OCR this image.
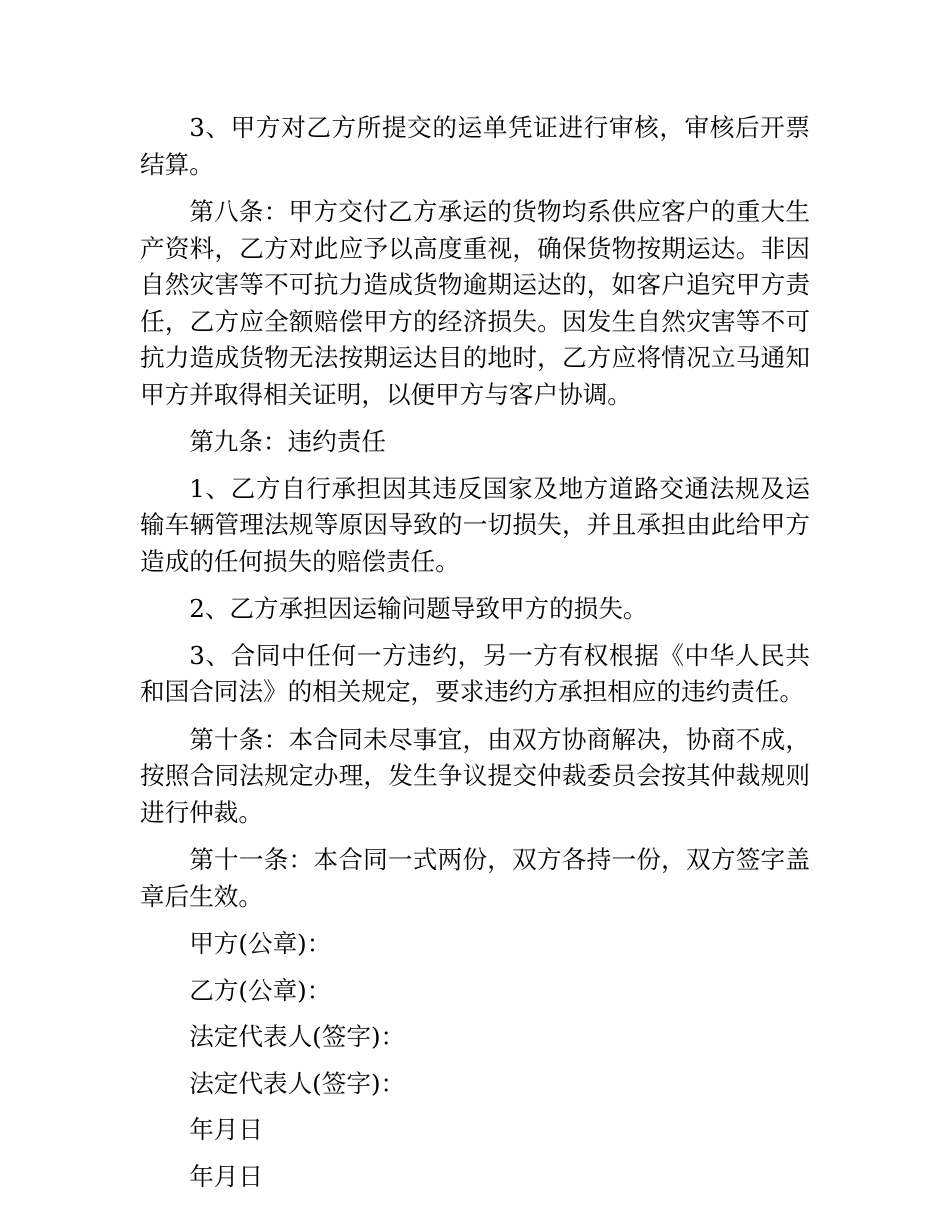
3、甲方对乙方所提交的运单凭证进行审核，审核后开票结算。

第八条：甲方交付乙方承运的货物均系供应客户的重大生产资料，乙方对此应予以高度重视，确保货物按期运达。非因自然灾害等不可抗力造成货物逾期运达的，如客户追究甲方责任，乙方应全额赔偿甲方的经济损失。因发生自然灾害等不可抗力造成货物无法按期运达目的地时，乙方应将情况立马通知甲方并取得相关证明，以便甲方与客户协调。

第九条：违约责任

1、乙方自行承担因其违反国家及地方道路交通法规及运输车辆管理法规等原因导致的一切损失，并且承担由此给甲方造成的任何损失的赔偿责任。

2、乙方承担因运输问题导致甲方的损失。

3、合同中任何一方违约，另一方有权根据《中华人民共和国合同法》的相关规定，要求违约方承担相应的违约责任。

第十条：本合同未尽事宜，由双方协商解决，协商不成，按照合同法规定办理，发生争议提交仲裁委员会按其仲裁规则进行仲裁。

第十一条：本合同一式两份，双方各持一份，双方签字盖章后生效。

甲方(公章)：

乙方(公章)：

法定代表人(签字)：

法定代表人(签字)：

年月日

年月日
